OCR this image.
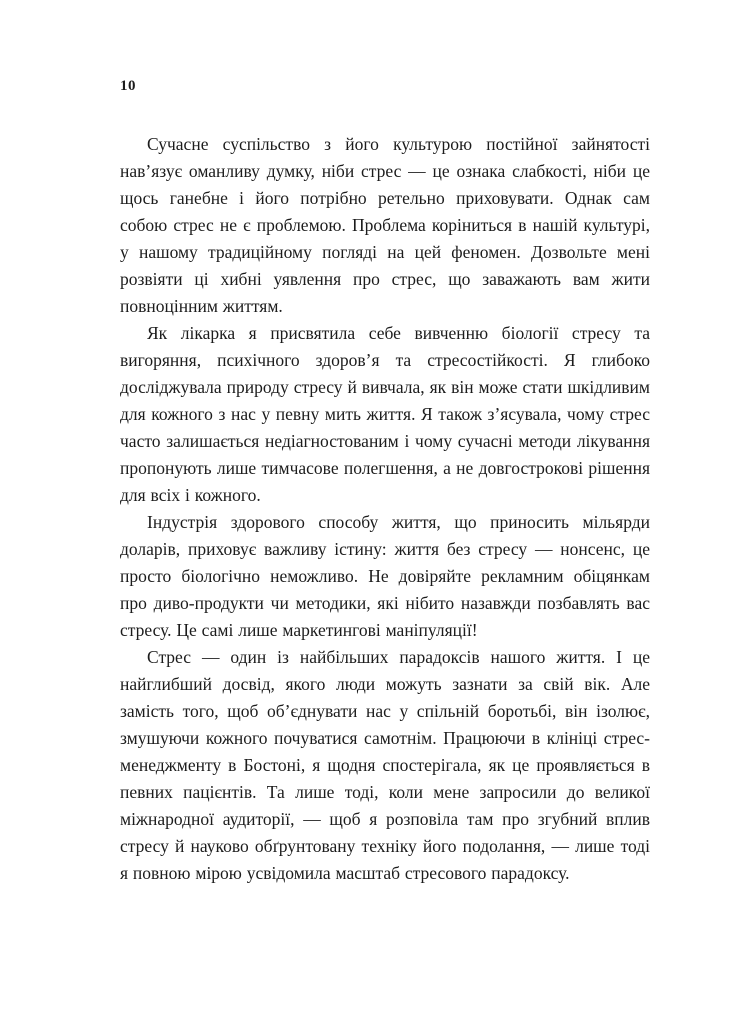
10

Сучасне суспільство з його культурою постійної зайнятості нав’язує оманливу думку, ніби стрес — це ознака слабкості, ніби це щось ганебне і його потрібно ретельно приховувати. Однак сам собою стрес не є проблемою. Проблема коріниться в нашій культурі, у нашому традиційному погляді на цей феномен. Дозвольте мені розвіяти ці хибні уявлення про стрес, що заважають вам жити повноцінним життям.

Як лікарка я присвятила себе вивченню біології стресу та вигоряння, психічного здоров’я та стресостійкості. Я глибоко досліджувала природу стресу й вивчала, як він може стати шкідливим для кожного з нас у певну мить життя. Я також з’ясувала, чому стрес часто залишається недіагностованим і чому сучасні методи лікування пропонують лише тимчасове полегшення, а не довгострокові рішення для всіх і кожного.

Індустрія здорового способу життя, що приносить мільярди доларів, приховує важливу істину: життя без стресу — нонсенс, це просто біологічно неможливо. Не довіряйте рекламним обіцянкам про диво-продукти чи методики, які нібито назавжди позбавлять вас стресу. Це самі лише маркетингові маніпуляції!

Стрес — один із найбільших парадоксів нашого життя. І це найглибший досвід, якого люди можуть зазнати за свій вік. Але замість того, щоб об’єднувати нас у спільній боротьбі, він ізолює, змушуючи кожного почуватися самотнім. Працюючи в клініці стрес-менеджменту в Бостоні, я щодня спостерігала, як це проявляється в певних пацієнтів. Та лише тоді, коли мене запросили до великої міжнародної аудиторії, — щоб я розповіла там про згубний вплив стресу й науково обґрунтовану техніку його подолання, — лише тоді я повною мірою усвідомила масштаб стресового парадоксу.
